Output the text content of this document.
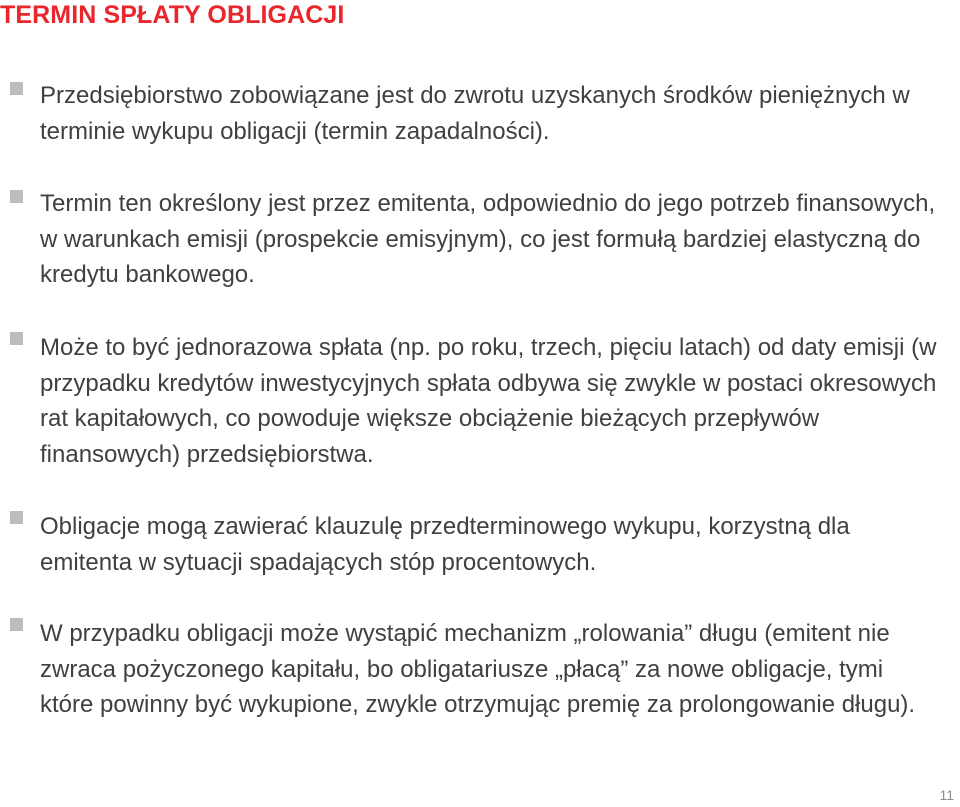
TERMIN SPŁATY OBLIGACJI
Przedsiębiorstwo zobowiązane jest do zwrotu uzyskanych środków pieniężnych w terminie wykupu obligacji (termin zapadalności).
Termin ten określony jest przez emitenta, odpowiednio do jego potrzeb finansowych, w warunkach emisji (prospekcie emisyjnym), co jest formułą bardziej elastyczną do kredytu bankowego.
Może to być jednorazowa spłata (np. po roku, trzech, pięciu latach) od daty emisji (w przypadku kredytów inwestycyjnych spłata odbywa się zwykle w postaci okresowych rat kapitałowych, co powoduje większe obciążenie bieżących przepływów finansowych) przedsiębiorstwa.
Obligacje mogą zawierać klauzulę przedterminowego wykupu, korzystną dla emitenta w sytuacji spadających stóp procentowych.
W przypadku obligacji może wystąpić mechanizm „rolowania” długu (emitent nie zwraca pożyczonego kapitału, bo obligatariusze „płacą” za nowe obligacje, tymi które powinny być wykupione, zwykle otrzymując premię za prolongowanie długu).
11
